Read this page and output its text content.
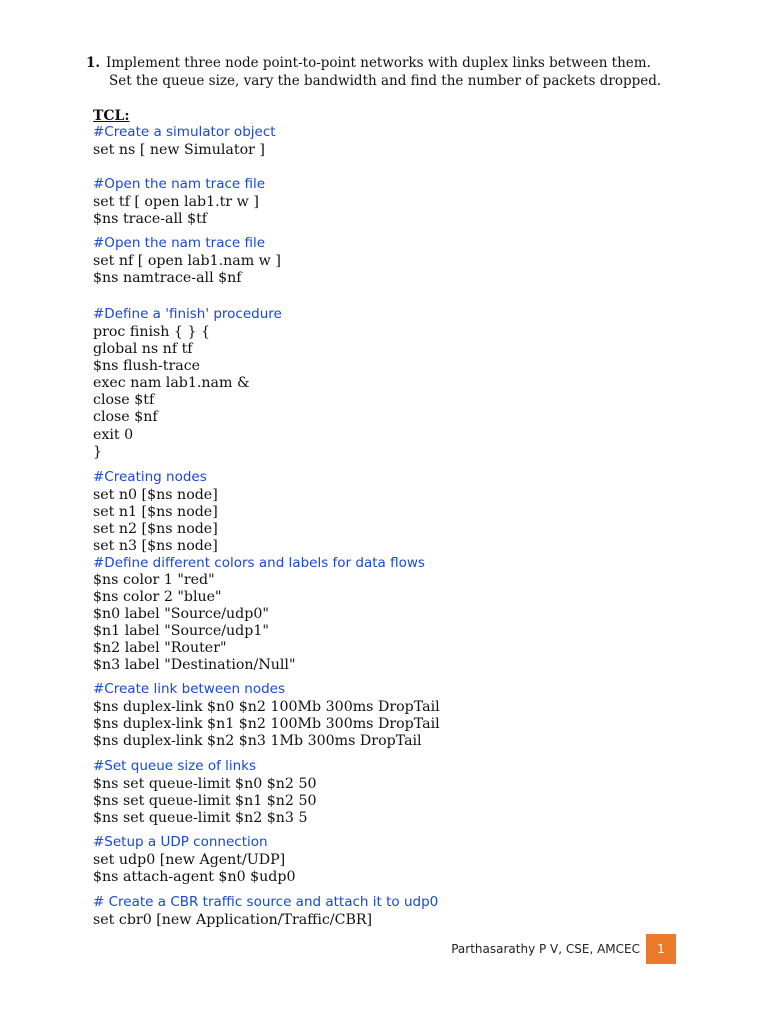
1. Implement three node point-to-point networks with duplex links between them.
Set the queue size, vary the bandwidth and find the number of packets dropped.
TCL:
#Create a simulator object
set ns [ new Simulator ]
#Open the nam trace file
set tf [ open lab1.tr w ]
$ns trace-all $tf
#Open the nam trace file
set nf [ open lab1.nam w ]
$ns namtrace-all $nf
#Define a 'finish' procedure
proc finish { } {
global ns nf tf
$ns flush-trace
exec nam lab1.nam &
close $tf
close $nf
exit 0
}
#Creating nodes
set n0 [$ns node]
set n1 [$ns node]
set n2 [$ns node]
set n3 [$ns node]
#Define different colors and labels for data flows
$ns color 1 "red"
$ns color 2 "blue"
$n0 label "Source/udp0"
$n1 label "Source/udp1"
$n2 label "Router"
$n3 label "Destination/Null"
#Create link between nodes
$ns duplex-link $n0 $n2 100Mb 300ms DropTail
$ns duplex-link $n1 $n2 100Mb 300ms DropTail
$ns duplex-link $n2 $n3 1Mb 300ms DropTail
#Set queue size of links
$ns set queue-limit $n0 $n2 50
$ns set queue-limit $n1 $n2 50
$ns set queue-limit $n2 $n3 5
#Setup a UDP connection
set udp0 [new Agent/UDP]
$ns attach-agent $n0 $udp0
# Create a CBR traffic source and attach it to udp0
set cbr0 [new Application/Traffic/CBR]
Parthasarathy P V, CSE, AMCEC 1
